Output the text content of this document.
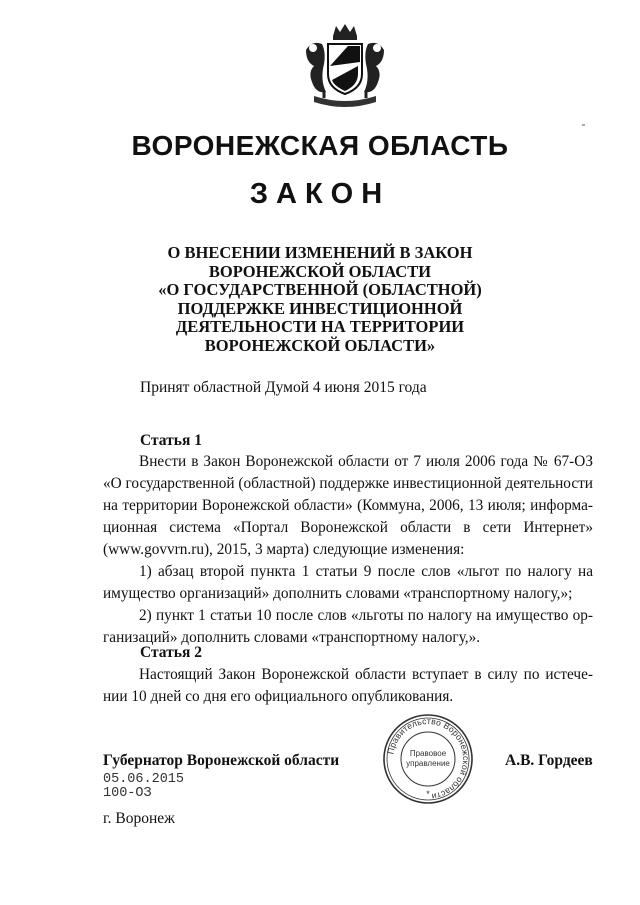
ВОРОНЕЖСКАЯ ОБЛАСТЬ
ЗАКОН
О ВНЕСЕНИИ ИЗМЕНЕНИЙ В ЗАКОН
ВОРОНЕЖСКОЙ ОБЛАСТИ
«О ГОСУДАРСТВЕННОЙ (ОБЛАСТНОЙ)
ПОДДЕРЖКЕ ИНВЕСТИЦИОННОЙ
ДЕЯТЕЛЬНОСТИ НА ТЕРРИТОРИИ
ВОРОНЕЖСКОЙ ОБЛАСТИ»
Принят областной Думой 4 июня 2015 года
Статья 1
Внести в Закон Воронежской области от 7 июля 2006 года № 67-ОЗ
«О государственной (областной) поддержке инвестиционной деятельности
на территории Воронежской области» (Коммуна, 2006, 13 июля; информа-
ционная система «Портал Воронежской области в сети Интернет»
(www.govvrn.ru), 2015, 3 марта) следующие изменения:
1) абзац второй пункта 1 статьи 9 после слов «льгот по налогу на
имущество организаций» дополнить словами «транспортному налогу,»;
2) пункт 1 статьи 10 после слов «льготы по налогу на имущество ор-
ганизаций» дополнить словами «транспортному налогу,».
Статья 2
Настоящий Закон Воронежской области вступает в силу по истече-
нии 10 дней со дня его официального опубликования.
Губернатор Воронежской области
Правительство Воронежской области
Правовое
управление
*
А.В. Гордеев
05.06.2015
100-ОЗ
г. Воронеж
